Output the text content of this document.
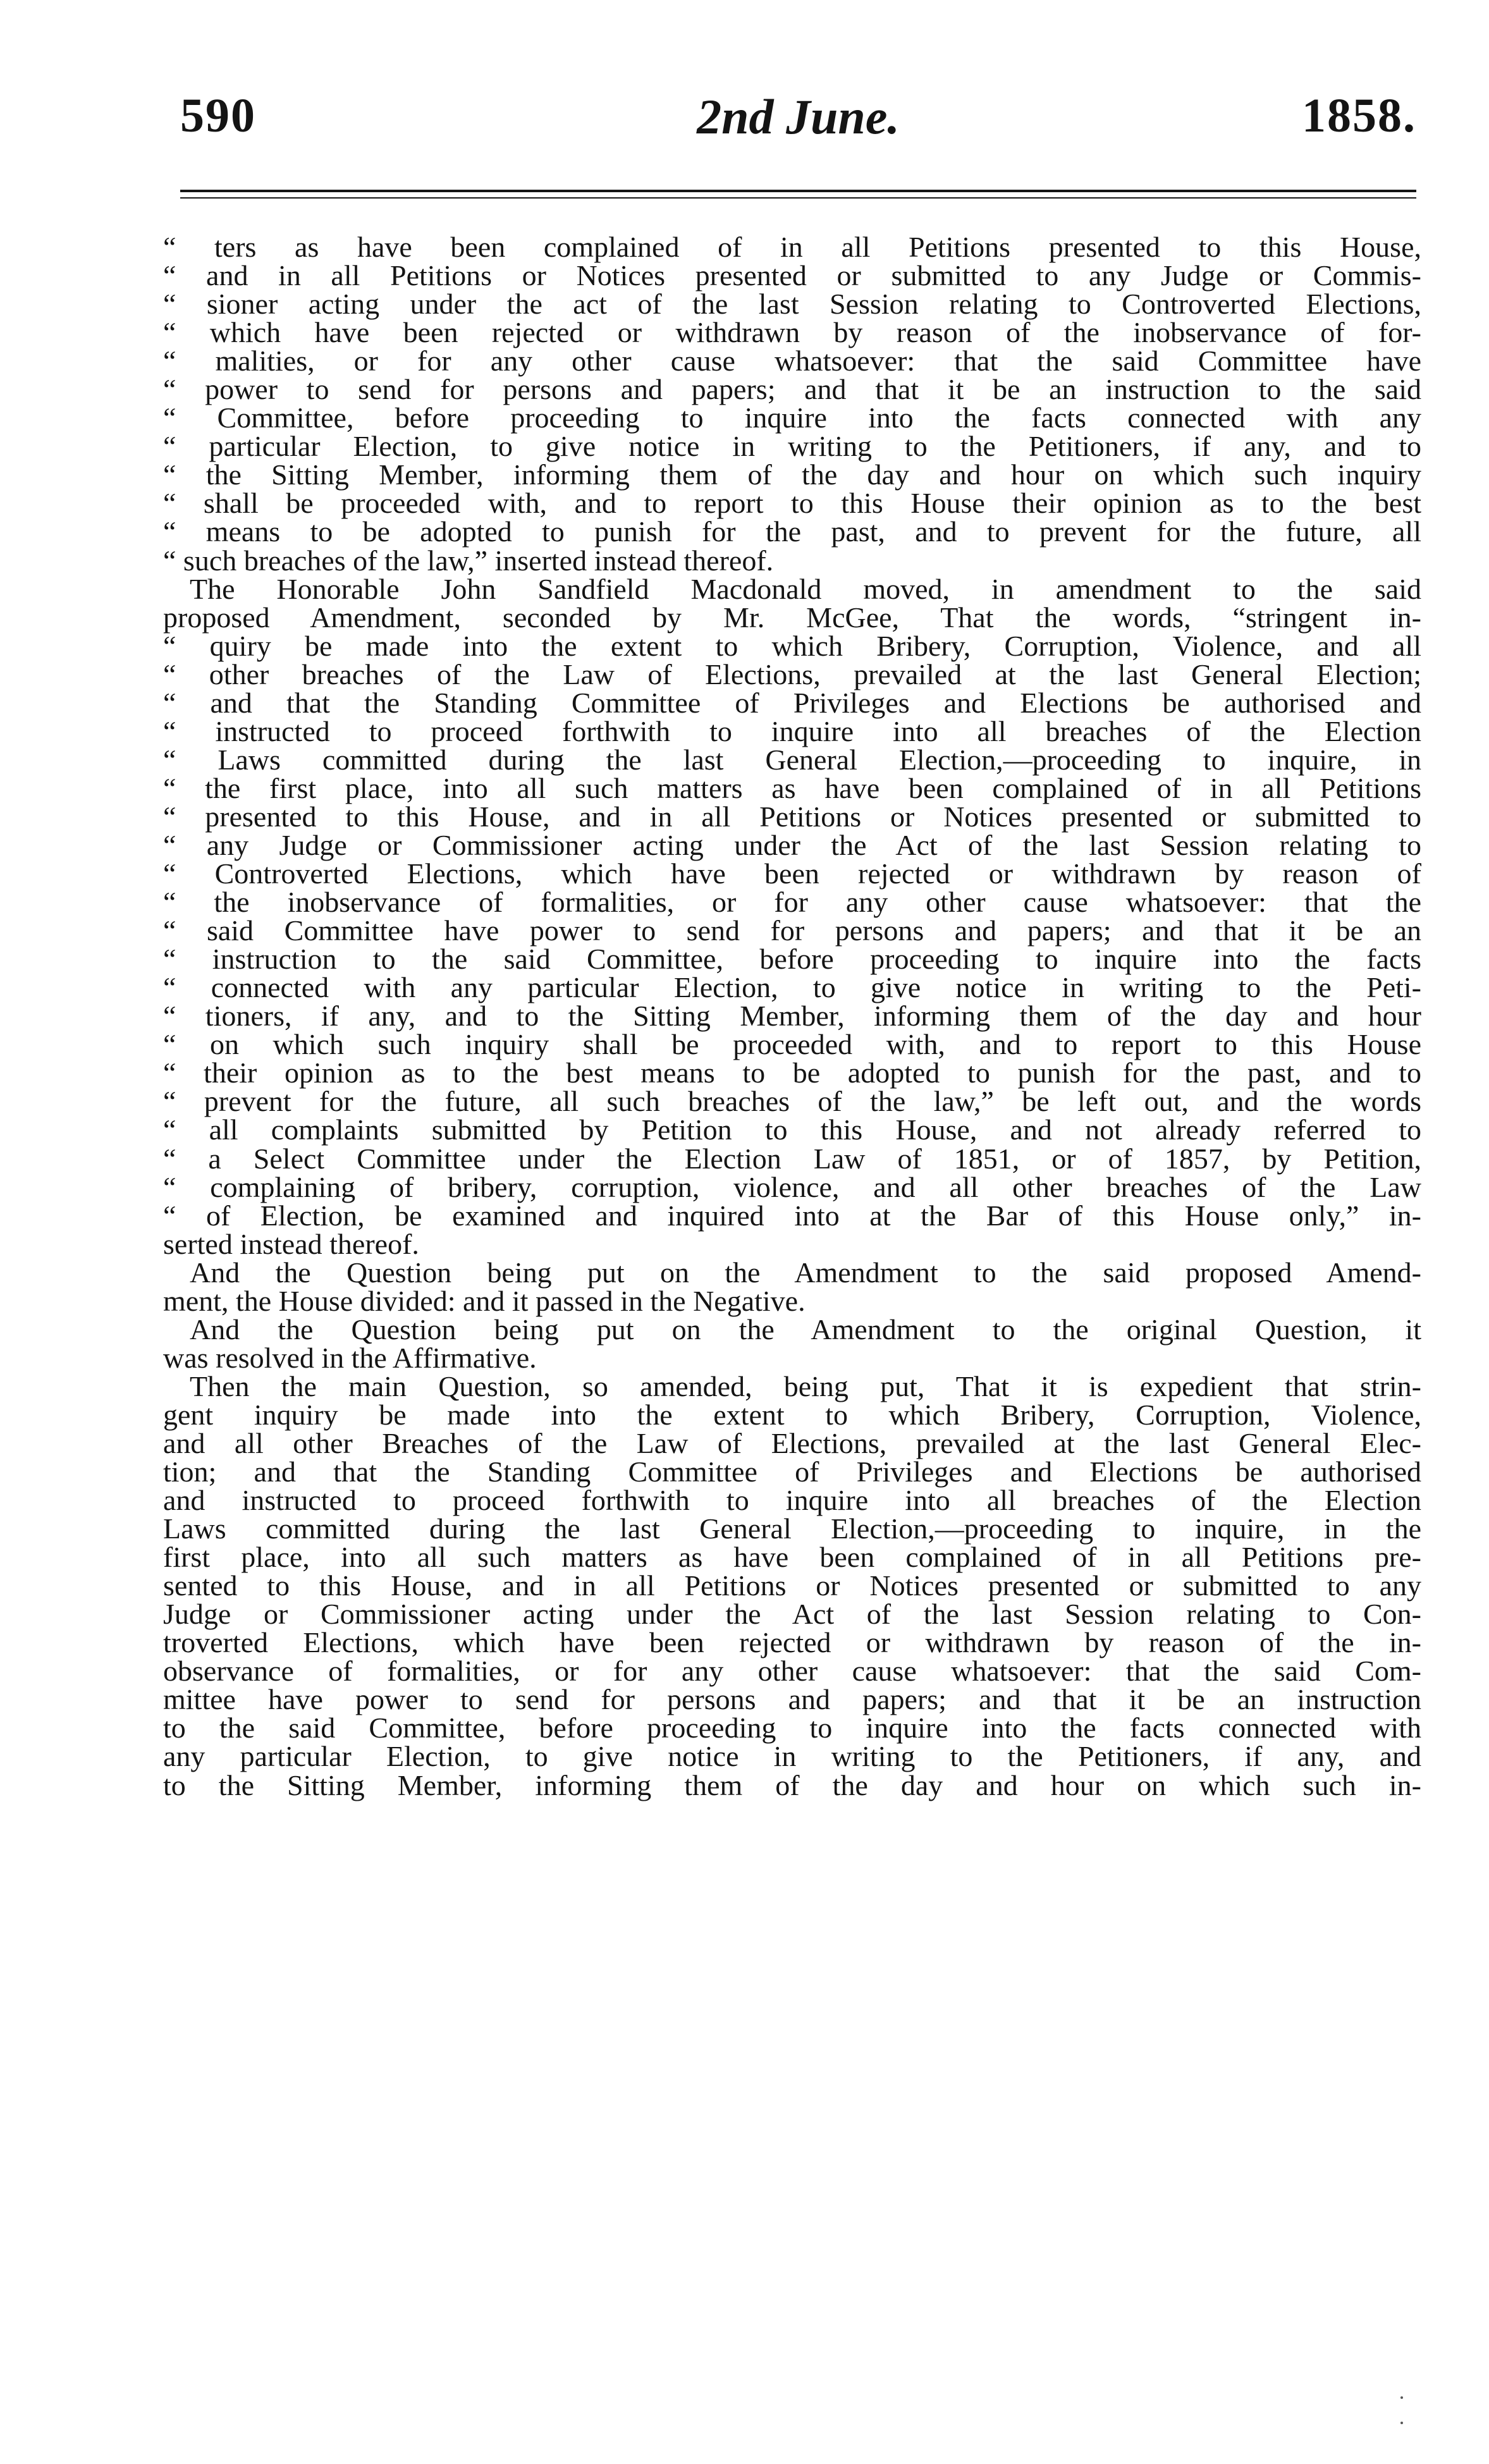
590	2nd June.	1858.
“ ters as have been complained of in all Petitions presented to this House,
“ and in all Petitions or Notices presented or submitted to any Judge or Commis-
“ sioner acting under the act of the last Session relating to Controverted Elections,
“ which have been rejected or withdrawn by reason of the inobservance of for-
“ malities, or for any other cause whatsoever: that the said Committee have
“ power to send for persons and papers; and that it be an instruction to the said
“ Committee, before proceeding to inquire into the facts connected with any
“ particular Election, to give notice in writing to the Petitioners, if any, and to
“ the Sitting Member, informing them of the day and hour on which such inquiry
“ shall be proceeded with, and to report to this House their opinion as to the best
“ means to be adopted to punish for the past, and to prevent for the future, all
“ such breaches of the law,” inserted instead thereof.
The Honorable John Sandfield Macdonald moved, in amendment to the said
proposed Amendment, seconded by Mr. McGee, That the words, “stringent in-
“ quiry be made into the extent to which Bribery, Corruption, Violence, and all
“ other breaches of the Law of Elections, prevailed at the last General Election;
“ and that the Standing Committee of Privileges and Elections be authorised and
“ instructed to proceed forthwith to inquire into all breaches of the Election
“ Laws committed during the last General Election,—proceeding to inquire, in
“ the first place, into all such matters as have been complained of in all Petitions
“ presented to this House, and in all Petitions or Notices presented or submitted to
“ any Judge or Commissioner acting under the Act of the last Session relating to
“ Controverted Elections, which have been rejected or withdrawn by reason of
“ the inobservance of formalities, or for any other cause whatsoever: that the
“ said Committee have power to send for persons and papers; and that it be an
“ instruction to the said Committee, before proceeding to inquire into the facts
“ connected with any particular Election, to give notice in writing to the Peti-
“ tioners, if any, and to the Sitting Member, informing them of the day and hour
“ on which such inquiry shall be proceeded with, and to report to this House
“ their opinion as to the best means to be adopted to punish for the past, and to
“ prevent for the future, all such breaches of the law,” be left out, and the words
“ all complaints submitted by Petition to this House, and not already referred to
“ a Select Committee under the Election Law of 1851, or of 1857, by Petition,
“ complaining of bribery, corruption, violence, and all other breaches of the Law
“ of Election, be examined and inquired into at the Bar of this House only,” in-
serted instead thereof.
And the Question being put on the Amendment to the said proposed Amend-
ment, the House divided: and it passed in the Negative.
And the Question being put on the Amendment to the original Question, it
was resolved in the Affirmative.
Then the main Question, so amended, being put, That it is expedient that strin-
gent inquiry be made into the extent to which Bribery, Corruption, Violence,
and all other Breaches of the Law of Elections, prevailed at the last General Elec-
tion; and that the Standing Committee of Privileges and Elections be authorised
and instructed to proceed forthwith to inquire into all breaches of the Election
Laws committed during the last General Election,—proceeding to inquire, in the
first place, into all such matters as have been complained of in all Petitions pre-
sented to this House, and in all Petitions or Notices presented or submitted to any
Judge or Commissioner acting under the Act of the last Session relating to Con-
troverted Elections, which have been rejected or withdrawn by reason of the in-
observance of formalities, or for any other cause whatsoever: that the said Com-
mittee have power to send for persons and papers; and that it be an instruction
to the said Committee, before proceeding to inquire into the facts connected with
any particular Election, to give notice in writing to the Petitioners, if any, and
to the Sitting Member, informing them of the day and hour on which such in-
